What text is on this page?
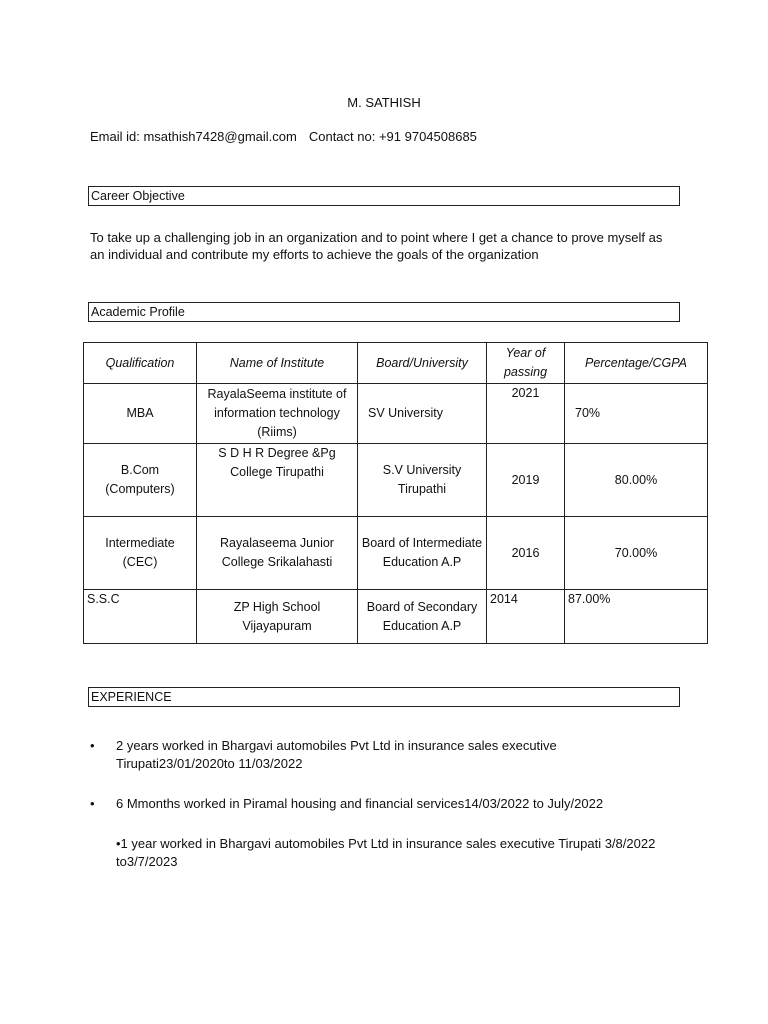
M. SATHISH
Email id: msathish7428@gmail.com Contact no: +91 9704508685
Career Objective
To take up a challenging job in an organization and to point where I get a chance to prove myself as an individual and contribute my efforts to achieve the goals of the organization
Academic Profile
Qualification	Name of Institute	Board/University	Year of passing	Percentage/CGPA
MBA	RayalaSeema institute of information technology (Riims)	SV University	2021	70%
B.Com (Computers)	S D H R Degree &Pg College Tirupathi	S.V University Tirupathi	2019	80.00%
Intermediate (CEC)	Rayalaseema Junior College Srikalahasti	Board of Intermediate Education A.P	2016	70.00%
S.S.C	ZP High School Vijayapuram	Board of Secondary Education A.P	2014	87.00%
EXPERIENCE
• 2 years worked in Bhargavi automobiles Pvt Ltd in insurance sales executive Tirupati23/01/2020to 11/03/2022
• 6 Mmonths worked in Piramal housing and financial services14/03/2022 to July/2022
•1 year worked in Bhargavi automobiles Pvt Ltd in insurance sales executive Tirupati 3/8/2022 to3/7/2023
